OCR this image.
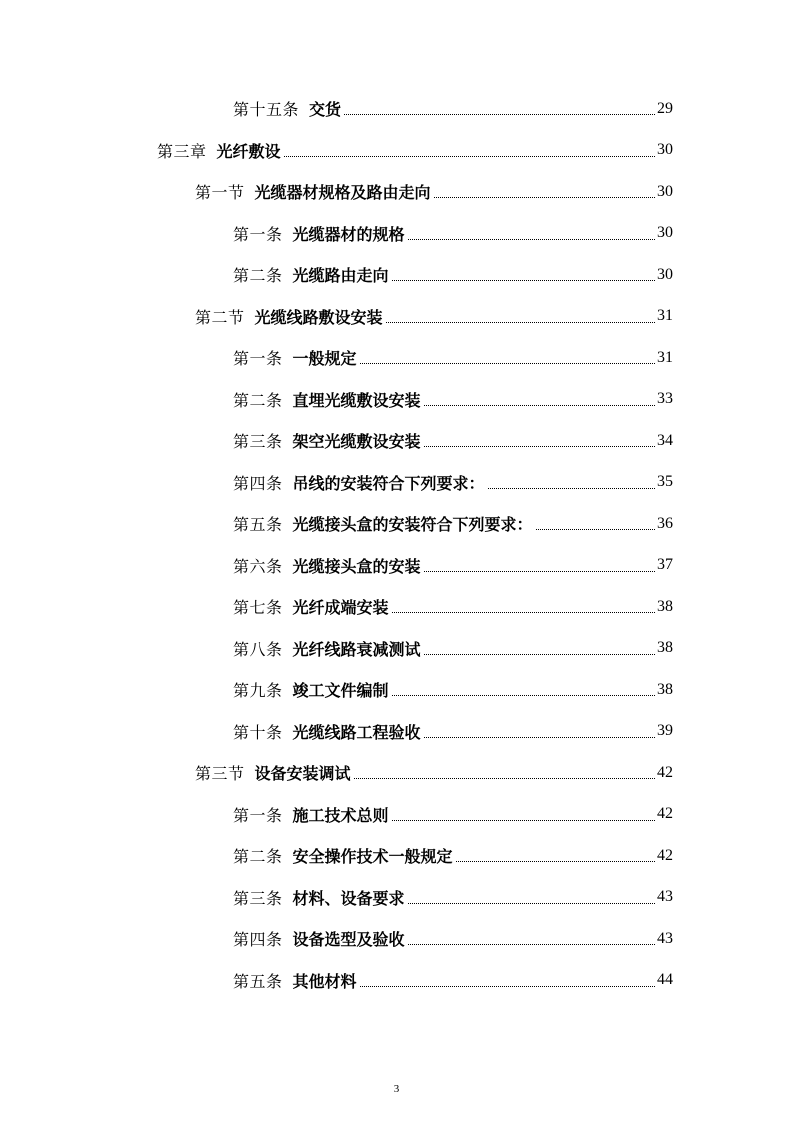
第十五条 交货	29
第三章 光纤敷设	30
第一节 光缆器材规格及路由走向	30
第一条 光缆器材的规格	30
第二条 光缆路由走向	30
第二节 光缆线路敷设安装	31
第一条 一般规定	31
第二条 直埋光缆敷设安装	33
第三条 架空光缆敷设安装	34
第四条 吊线的安装符合下列要求：	35
第五条 光缆接头盒的安装符合下列要求：	36
第六条 光缆接头盒的安装	37
第七条 光纤成端安装	38
第八条 光纤线路衰减测试	38
第九条 竣工文件编制	38
第十条 光缆线路工程验收	39
第三节 设备安装调试	42
第一条 施工技术总则	42
第二条 安全操作技术一般规定	42
第三条 材料、设备要求	43
第四条 设备选型及验收	43
第五条 其他材料	44
3
